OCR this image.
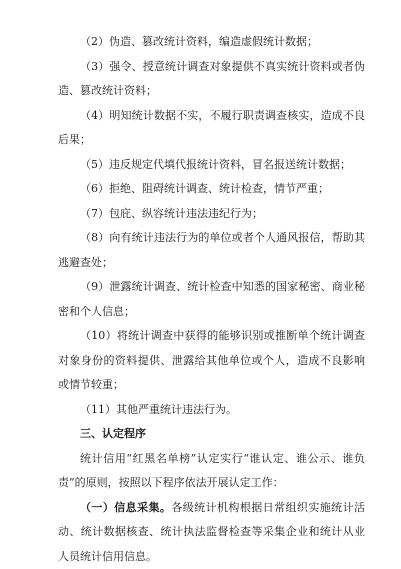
（2）伪造、篡改统计资料，编造虚假统计数据；

（3）强令、授意统计调查对象提供不真实统计资料或者伪造、篡改统计资料；

（4）明知统计数据不实，不履行职责调查核实，造成不良后果；

（5）违反规定代填代报统计资料，冒名报送统计数据；

（6）拒绝、阻碍统计调查、统计检查，情节严重；

（7）包庇、纵容统计违法违纪行为；

（8）向有统计违法行为的单位或者个人通风报信，帮助其逃避查处；

（9）泄露统计调查、统计检查中知悉的国家秘密、商业秘密和个人信息；

（10）将统计调查中获得的能够识别或推断单个统计调查对象身份的资料提供、泄露给其他单位或个人，造成不良影响或情节较重；

（11）其他严重统计违法行为。

三、认定程序

统计信用“红黑名单榜”认定实行“谁认定、谁公示、谁负责”的原则，按照以下程序依法开展认定工作：

（一）信息采集。各级统计机构根据日常组织实施统计活动、统计数据核查、统计执法监督检查等采集企业和统计从业人员统计信用信息。
